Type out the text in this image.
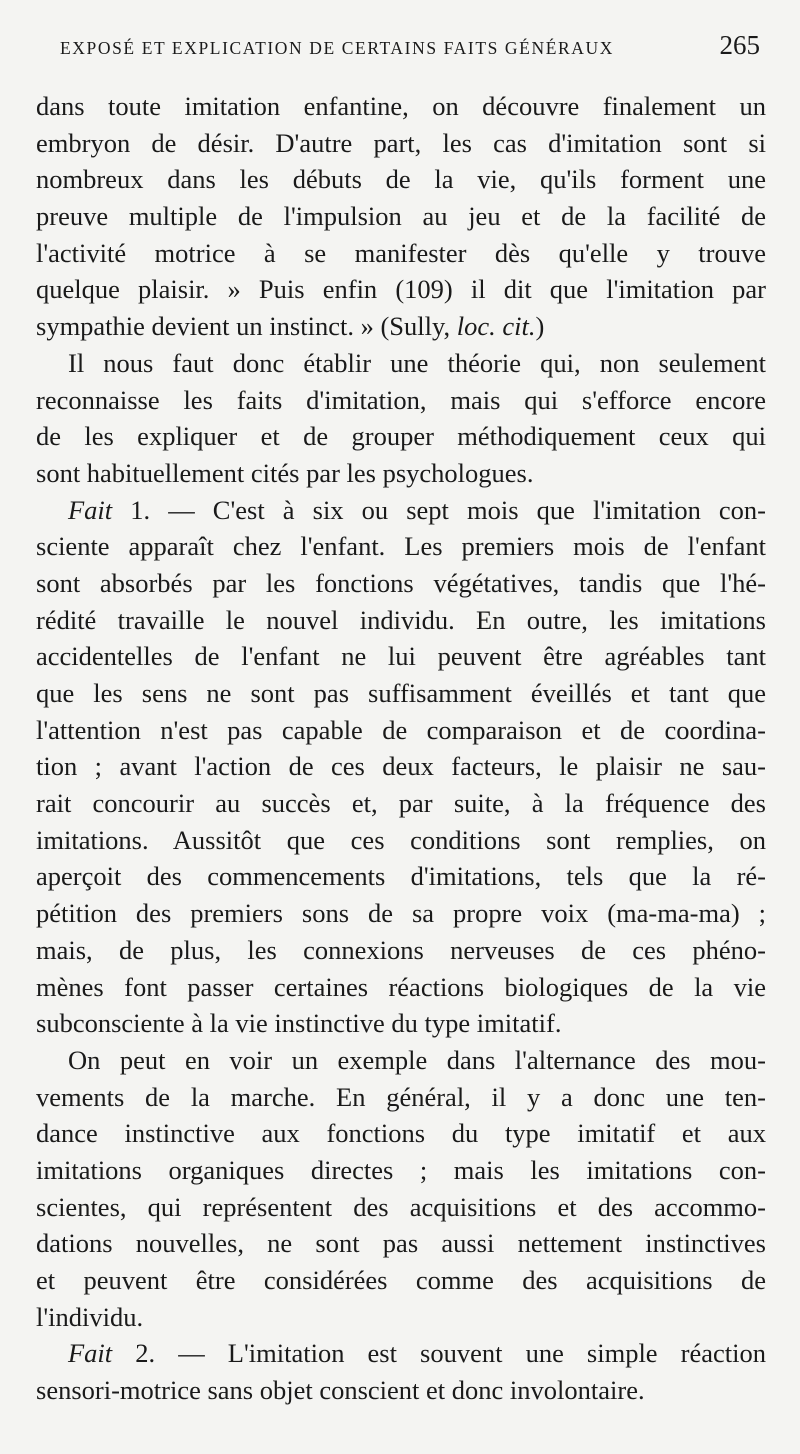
EXPOSÉ ET EXPLICATION DE CERTAINS FAITS GÉNÉRAUX	265
dans toute imitation enfantine, on découvre finalement un
embryon de désir. D'autre part, les cas d'imitation sont si
nombreux dans les débuts de la vie, qu'ils forment une
preuve multiple de l'impulsion au jeu et de la facilité de
l'activité motrice à se manifester dès qu'elle y trouve
quelque plaisir. » Puis enfin (109) il dit que l'imitation par
sympathie devient un instinct. » (Sully, loc. cit.)
Il nous faut donc établir une théorie qui, non seulement
reconnaisse les faits d'imitation, mais qui s'efforce encore
de les expliquer et de grouper méthodiquement ceux qui
sont habituellement cités par les psychologues.
Fait 1. — C'est à six ou sept mois que l'imitation con-
sciente apparaît chez l'enfant. Les premiers mois de l'enfant
sont absorbés par les fonctions végétatives, tandis que l'hé-
rédité travaille le nouvel individu. En outre, les imitations
accidentelles de l'enfant ne lui peuvent être agréables tant
que les sens ne sont pas suffisamment éveillés et tant que
l'attention n'est pas capable de comparaison et de coordina-
tion ; avant l'action de ces deux facteurs, le plaisir ne sau-
rait concourir au succès et, par suite, à la fréquence des
imitations. Aussitôt que ces conditions sont remplies, on
aperçoit des commencements d'imitations, tels que la ré-
pétition des premiers sons de sa propre voix (ma-ma-ma) ;
mais, de plus, les connexions nerveuses de ces phéno-
mènes font passer certaines réactions biologiques de la vie
subconsciente à la vie instinctive du type imitatif.
On peut en voir un exemple dans l'alternance des mou-
vements de la marche. En général, il y a donc une ten-
dance instinctive aux fonctions du type imitatif et aux
imitations organiques directes ; mais les imitations con-
scientes, qui représentent des acquisitions et des accommo-
dations nouvelles, ne sont pas aussi nettement instinctives
et peuvent être considérées comme des acquisitions de
l'individu.
Fait 2. — L'imitation est souvent une simple réaction
sensori-motrice sans objet conscient et donc involontaire.
